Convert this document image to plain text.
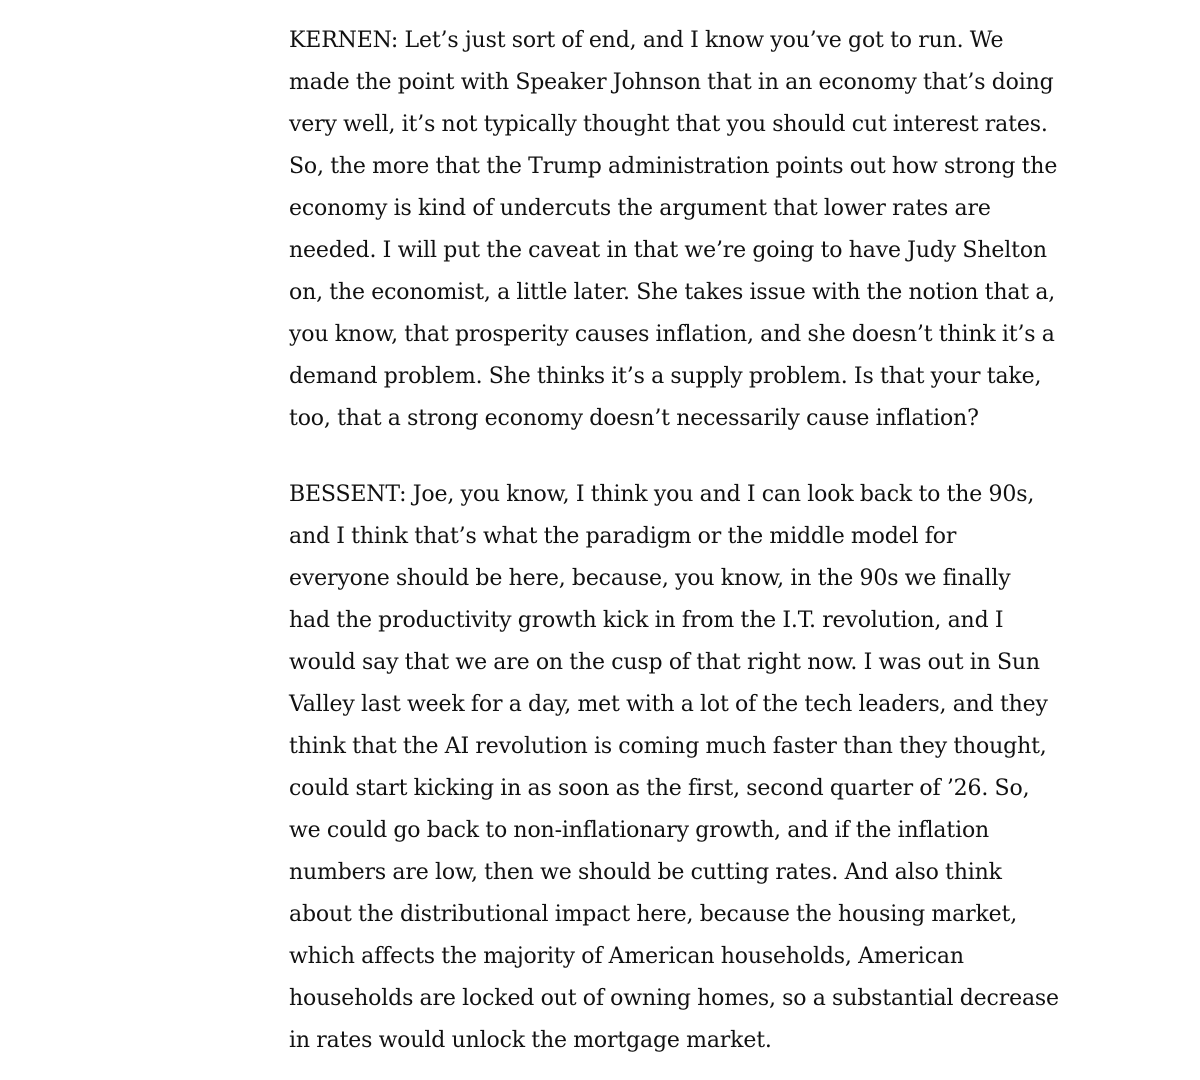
KERNEN: Let’s just sort of end, and I know you’ve got to run. We
made the point with Speaker Johnson that in an economy that’s doing
very well, it’s not typically thought that you should cut interest rates.
So, the more that the Trump administration points out how strong the
economy is kind of undercuts the argument that lower rates are
needed. I will put the caveat in that we’re going to have Judy Shelton
on, the economist, a little later. She takes issue with the notion that a,
you know, that prosperity causes inflation, and she doesn’t think it’s a
demand problem. She thinks it’s a supply problem. Is that your take,
too, that a strong economy doesn’t necessarily cause inflation?

BESSENT: Joe, you know, I think you and I can look back to the 90s,
and I think that’s what the paradigm or the middle model for
everyone should be here, because, you know, in the 90s we finally
had the productivity growth kick in from the I.T. revolution, and I
would say that we are on the cusp of that right now. I was out in Sun
Valley last week for a day, met with a lot of the tech leaders, and they
think that the AI revolution is coming much faster than they thought,
could start kicking in as soon as the first, second quarter of ’26. So,
we could go back to non-inflationary growth, and if the inflation
numbers are low, then we should be cutting rates. And also think
about the distributional impact here, because the housing market,
which affects the majority of American households, American
households are locked out of owning homes, so a substantial decrease
in rates would unlock the mortgage market.
